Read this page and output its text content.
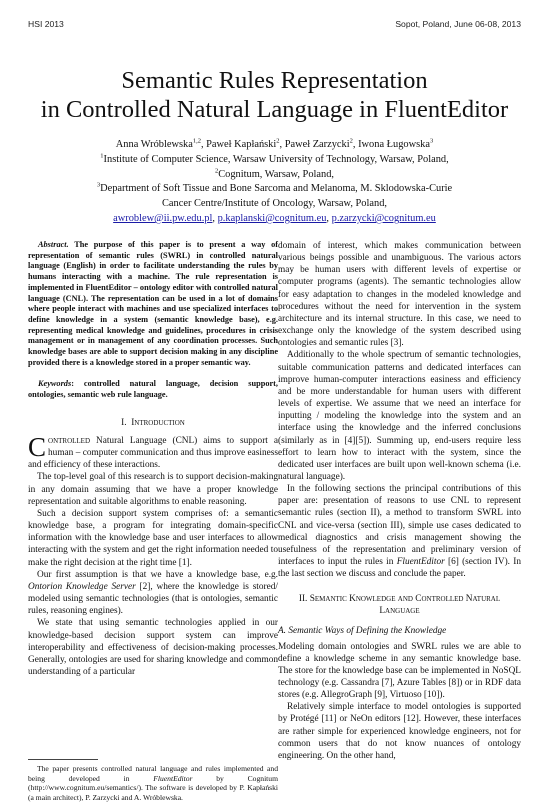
HSI 2013	Sopot, Poland, June 06-08, 2013
Semantic Rules Representation
in Controlled Natural Language in FluentEditor
Anna Wróblewska$^{1,2}$, Paweł Kapłański$^2$, Paweł Zarzycki$^2$, Iwona Ługowska$^3$
$^1$Institute of Computer Science, Warsaw University of Technology, Warsaw, Poland,
$^2$Cognitum, Warsaw, Poland,
$^3$Department of Soft Tissue and Bone Sarcoma and Melanoma, M. Sklodowska-Curie
Cancer Centre/Institute of Oncology, Warsaw, Poland,
awroblew@ii.pw.edu.pl, p.kaplanski@cognitum.eu, p.zarzycki@cognitum.eu

Abstract. The purpose of this paper is to present a way of representation of semantic rules (SWRL) in controlled natural language (English) in order to facilitate understanding the rules by humans interacting with a machine. The rule representation is implemented in FluentEditor – ontology editor with controlled natural language (CNL). The representation can be used in a lot of domains where people interact with machines and use specialized interfaces to define knowledge in a system (semantic knowledge base), e.g. representing medical knowledge and guidelines, procedures in crisis management or in management of any coordination processes. Such knowledge bases are able to support decision making in any discipline provided there is a knowledge stored in a proper semantic way.

Keywords: controlled natural language, decision support, ontologies, semantic web rule language.

I. Introduction

Controlled Natural Language (CNL) aims to support a human – computer communication and thus improve easiness and efficiency of these interactions.

The top-level goal of this research is to support decision-making in any domain assuming that we have a proper knowledge representation and suitable algorithms to enable reasoning.

Such a decision support system comprises of: a semantic knowledge base, a program for integrating domain-specific information with the knowledge base and user interfaces to allow interacting with the system and get the right information needed to make the right decision at the right time [1].

Our first assumption is that we have a knowledge base, e.g. Ontorion Knowledge Server [2], where the knowledge is stored/ modeled using semantic technologies (that is ontologies, semantic rules, reasoning engines).

We state that using semantic technologies applied in our knowledge-based decision support system can improve interoperability and effectiveness of decision-making processes. Generally, ontologies are used for sharing knowledge and common understanding of a particular

The paper presents controlled natural language and rules implemented and being developed in FluentEditor by Cognitum (http://www.cognitum.eu/semantics/). The software is developed by P. Kapłański (a main architect), P. Zarzycki and A. Wróblewska.

domain of interest, which makes communication between various beings possible and unambiguous. The various actors may be human users with different levels of expertise or computer programs (agents). The semantic technologies allow for easy adaptation to changes in the modeled knowledge and procedures without the need for intervention in the system architecture and its internal structure. In this case, we need to exchange only the knowledge of the system described using ontologies and semantic rules [3].

Additionally to the whole spectrum of semantic technologies, suitable communication patterns and dedicated interfaces can improve human-computer interactions easiness and efficiency and be more understandable for human users with different levels of expertise. We assume that we need an interface for inputting / modeling the knowledge into the system and an interface using the knowledge and the inferred conclusions (similarly as in [4][5]). Summing up, end-users require less effort to learn how to interact with the system, since the dedicated user interfaces are built upon well-known schema (i.e. natural language).

In the following sections the principal contributions of this paper are: presentation of reasons to use CNL to represent semantic rules (section II), a method to transform SWRL into CNL and vice-versa (section III), simple use cases dedicated to medical diagnostics and crisis management showing the usefulness of the representation and preliminary version of interfaces to input the rules in FluentEditor [6] (section IV). In the last section we discuss and conclude the paper.

II. Semantic Knowledge and Controlled Natural
Language

A. Semantic Ways of Defining the Knowledge

Modeling domain ontologies and SWRL rules we are able to define a knowledge scheme in any semantic knowledge base. The store for the knowledge base can be implemented in NoSQL technology (e.g. Cassandra [7], Azure Tables [8]) or in RDF data stores (e.g. AllegroGraph [9], Virtuoso [10]).

Relatively simple interface to model ontologies is supported by Protégé [11] or NeOn editors [12]. However, these interfaces are rather simple for experienced knowledge engineers, not for common users that do not know nuances of ontology engineering. On the other hand,
